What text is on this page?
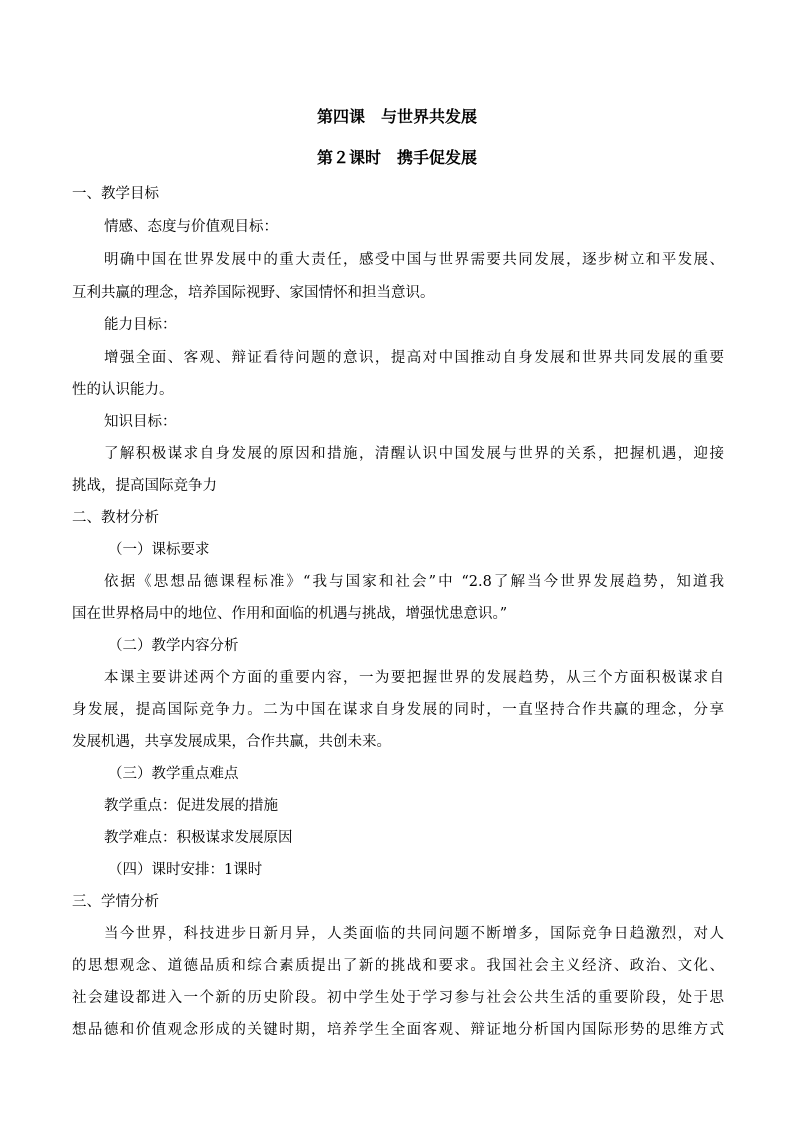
第四课　与世界共发展
第２课时　携手促发展
一、教学目标
情感、态度与价值观目标：
明确中国在世界发展中的重大责任，感受中国与世界需要共同发展，逐步树立和平发展、
互利共赢的理念，培养国际视野、家国情怀和担当意识。
能力目标：
增强全面、客观、辩证看待问题的意识，提高对中国推动自身发展和世界共同发展的重要
性的认识能力。
知识目标：
了解积极谋求自身发展的原因和措施，清醒认识中国发展与世界的关系，把握机遇，迎接
挑战，提高国际竞争力
二、教材分析
（一）课标要求
依据《思想品德课程标准》“我与国家和社会”中 “2.8了解当今世界发展趋势，知道我
国在世界格局中的地位、作用和面临的机遇与挑战，增强忧患意识。”
（二）教学内容分析
本课主要讲述两个方面的重要内容，一为要把握世界的发展趋势，从三个方面积极谋求自
身发展，提高国际竞争力。二为中国在谋求自身发展的同时，一直坚持合作共赢的理念，分享
发展机遇，共享发展成果，合作共赢，共创未来。
（三）教学重点难点
教学重点：促进发展的措施
教学难点：积极谋求发展原因
（四）课时安排：1课时
三、学情分析
当今世界，科技进步日新月异，人类面临的共同问题不断增多，国际竞争日趋激烈，对人
的思想观念、道德品质和综合素质提出了新的挑战和要求。我国社会主义经济、政治、文化、
社会建设都进入一个新的历史阶段。初中学生处于学习参与社会公共生活的重要阶段，处于思
想品德和价值观念形成的关键时期，培养学生全面客观、辩证地分析国内国际形势的思维方式
